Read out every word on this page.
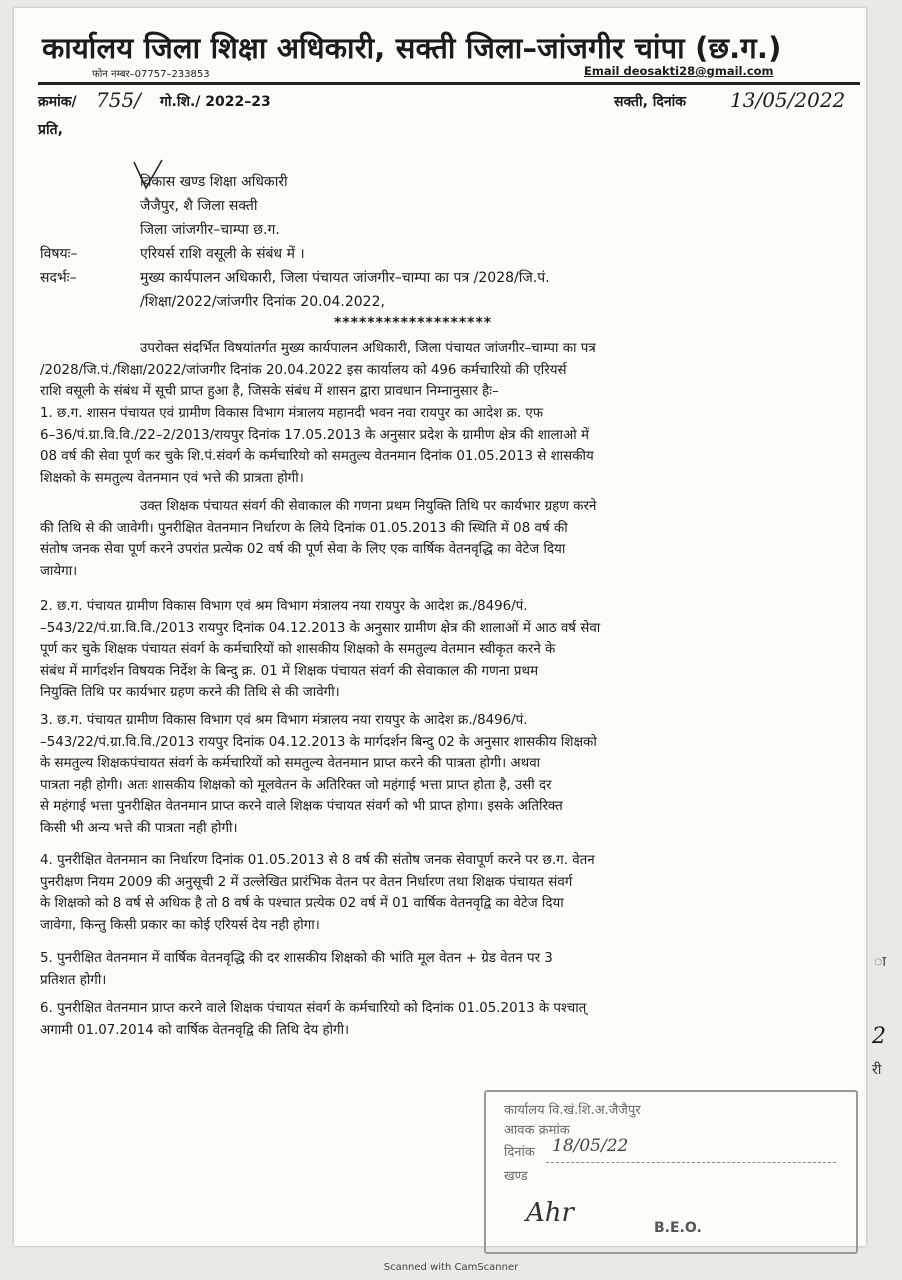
कार्यालय जिला शिक्षा अधिकारी, सक्ती जिला–जांजगीर चांपा (छ.ग.)
फोन नम्बर–07757–233853	Email deosakti28@gmail.com
क्रमांक/ 755/ गो.शि./ 2022–23	सक्ती, दिनांक 13/05/2022
प्रति,
विकास खण्ड शिक्षा अधिकारी
जैजैपुर, शै जिला सक्ती
जिला जांजगीर–चाम्पा छ.ग.
विषयः–	एरियर्स राशि वसूली के संबंध में ।
सदर्भः–	मुख्य कार्यपालन अधिकारी, जिला पंचायत जांजगीर–चाम्पा का पत्र /2028/जि.पं.
/शिक्षा/2022/जांजगीर दिनांक 20.04.2022,
*******************
उपरोक्त संदर्भित विषयांतर्गत मुख्य कार्यपालन अधिकारी, जिला पंचायत जांजगीर–चाम्पा का पत्र
/2028/जि.पं./शिक्षा/2022/जांजगीर दिनांक 20.04.2022 इस कार्यालय को 496 कर्मचारियो की एरियर्स
राशि वसूली के संबंध में सूची प्राप्त हुआ है, जिसके संबंध में शासन द्वारा प्रावधान निम्नानुसार हैः–
1. छ.ग. शासन पंचायत एवं ग्रामीण विकास विभाग मंत्रालय महानदी भवन नवा रायपुर का आदेश क्र. एफ
6–36/पं.ग्रा.वि.वि./22–2/2013/रायपुर दिनांक 17.05.2013 के अनुसार प्रदेश के ग्रामीण क्षेत्र की शालाओ में
08 वर्ष की सेवा पूर्ण कर चुके शि.पं.संवर्ग के कर्मचारियो को समतुल्य वेतनमान दिनांक 01.05.2013 से शासकीय
शिक्षको के समतुल्य वेतनमान एवं भत्ते की प्रात्रता होगी।
उक्त शिक्षक पंचायत संवर्ग की सेवाकाल की गणना प्रथम नियुक्ति तिथि पर कार्यभार ग्रहण करने
की तिथि से की जावेगी। पुनरीक्षित वेतनमान निर्धारण के लिये दिनांक 01.05.2013 की स्थिति में 08 वर्ष की
संतोष जनक सेवा पूर्ण करने उपरांत प्रत्येक 02 वर्ष की पूर्ण सेवा के लिए एक वार्षिक वेतनवृद्धि का वेटेज दिया
जायेगा।
2. छ.ग. पंचायत ग्रामीण विकास विभाग एवं श्रम विभाग मंत्रालय नया रायपुर के आदेश क्र./8496/पं.
–543/22/पं.ग्रा.वि.वि./2013 रायपुर दिनांक 04.12.2013 के अनुसार ग्रामीण क्षेत्र की शालाओं में आठ वर्ष सेवा
पूर्ण कर चुके शिक्षक पंचायत संवर्ग के कर्मचारियों को शासकीय शिक्षको के समतुल्य वेतमान स्वीकृत करने के
संबंध में मार्गदर्शन विषयक निर्देश के बिन्दु क्र. 01 में शिक्षक पंचायत संवर्ग की सेवाकाल की गणना प्रथम
नियुक्ति तिथि पर कार्यभार ग्रहण करने की तिथि से की जावेगी।
3. छ.ग. पंचायत ग्रामीण विकास विभाग एवं श्रम विभाग मंत्रालय नया रायपुर के आदेश क्र./8496/पं.
–543/22/पं.ग्रा.वि.वि./2013 रायपुर दिनांक 04.12.2013 के मार्गदर्शन बिन्दु 02 के अनुसार शासकीय शिक्षको
के समतुल्य शिक्षकपंचायत संवर्ग के कर्मचारियों को समतुल्य वेतनमान प्राप्त करने की पात्रता होगी। अथवा
पात्रता नही होगी। अतः शासकीय शिक्षको को मूलवेतन के अतिरिक्त जो महंगाई भत्ता प्राप्त होता है, उसी दर
से महंगाई भत्ता पुनरीक्षित वेतनमान प्राप्त करने वाले शिक्षक पंचायत संवर्ग को भी प्राप्त होगा। इसके अतिरिक्त
किसी भी अन्य भत्ते की पात्रता नही होगी।
4. पुनरीक्षित वेतनमान का निर्धारण दिनांक 01.05.2013 से 8 वर्ष की संतोष जनक सेवापूर्ण करने पर छ.ग. वेतन
पुनरीक्षण नियम 2009 की अनुसूची 2 में उल्लेखित प्रारंभिक वेतन पर वेतन निर्धारण तथा शिक्षक पंचायत संवर्ग
के शिक्षको को 8 वर्ष से अधिक है तो 8 वर्ष के पश्चात प्रत्येक 02 वर्ष में 01 वार्षिक वेतनवृद्वि का वेटेज दिया
जावेगा, किन्तु किसी प्रकार का कोई एरियर्स देय नही होगा।
5. पुनरीक्षित वेतनमान में वार्षिक वेतनवृद्धि की दर शासकीय शिक्षको की भांति मूल वेतन + ग्रेड वेतन पर 3
प्रतिशत होगी।
6. पुनरीक्षित वेतनमान प्राप्त करने वाले शिक्षक पंचायत संवर्ग के कर्मचारियो को दिनांक 01.05.2013 के पश्चात्
अगामी 01.07.2014 को वार्षिक वेतनवृद्वि की तिथि देय होगी।
कार्यालय वि.खं.शि.अ.जैजैपुर
आवक क्रमांक
दिनांक 18/05/22
खण्ड
Ahr	B.E.O.
ा
2
री
Scanned with CamScanner
